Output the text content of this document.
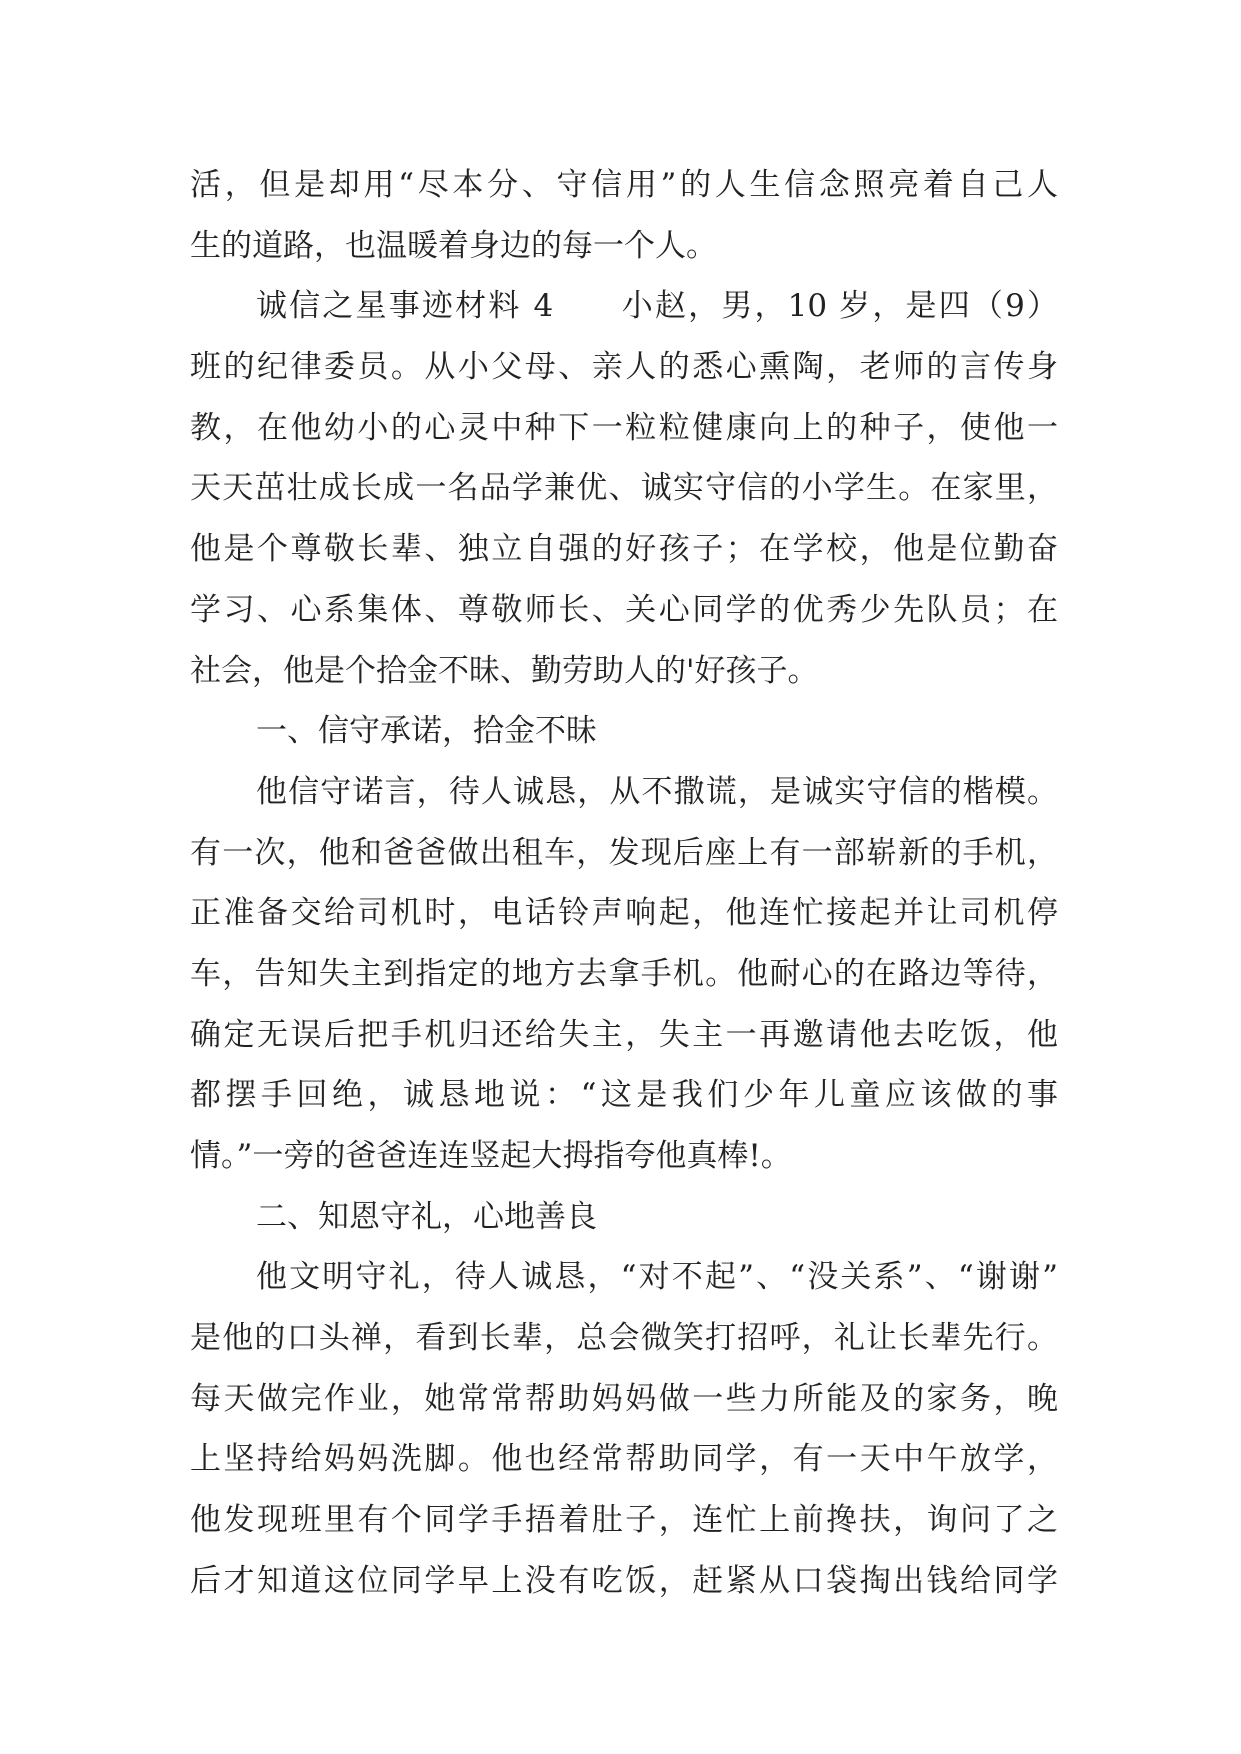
活，但是却用“尽本分、守信用”的人生信念照亮着自己人
生的道路，也温暖着身边的每一个人。
诚信之星事迹材料 4　　小赵，男，10 岁，是四（9）
班的纪律委员。从小父母、亲人的悉心熏陶，老师的言传身
教，在他幼小的心灵中种下一粒粒健康向上的种子，使他一
天天茁壮成长成一名品学兼优、诚实守信的小学生。在家里，
他是个尊敬长辈、独立自强的好孩子；在学校，他是位勤奋
学习、心系集体、尊敬师长、关心同学的优秀少先队员；在
社会，他是个拾金不昧、勤劳助人的'好孩子。
一、信守承诺，拾金不昧
他信守诺言，待人诚恳，从不撒谎，是诚实守信的楷模。
有一次，他和爸爸做出租车，发现后座上有一部崭新的手机，
正准备交给司机时，电话铃声响起，他连忙接起并让司机停
车，告知失主到指定的地方去拿手机。他耐心的在路边等待，
确定无误后把手机归还给失主，失主一再邀请他去吃饭，他
都摆手回绝，诚恳地说：“这是我们少年儿童应该做的事
情。”一旁的爸爸连连竖起大拇指夸他真棒!。
二、知恩守礼，心地善良
他文明守礼，待人诚恳，“对不起”、“没关系”、“谢谢”
是他的口头禅，看到长辈，总会微笑打招呼，礼让长辈先行。
每天做完作业，她常常帮助妈妈做一些力所能及的家务，晚
上坚持给妈妈洗脚。他也经常帮助同学，有一天中午放学，
他发现班里有个同学手捂着肚子，连忙上前搀扶，询问了之
后才知道这位同学早上没有吃饭，赶紧从口袋掏出钱给同学
